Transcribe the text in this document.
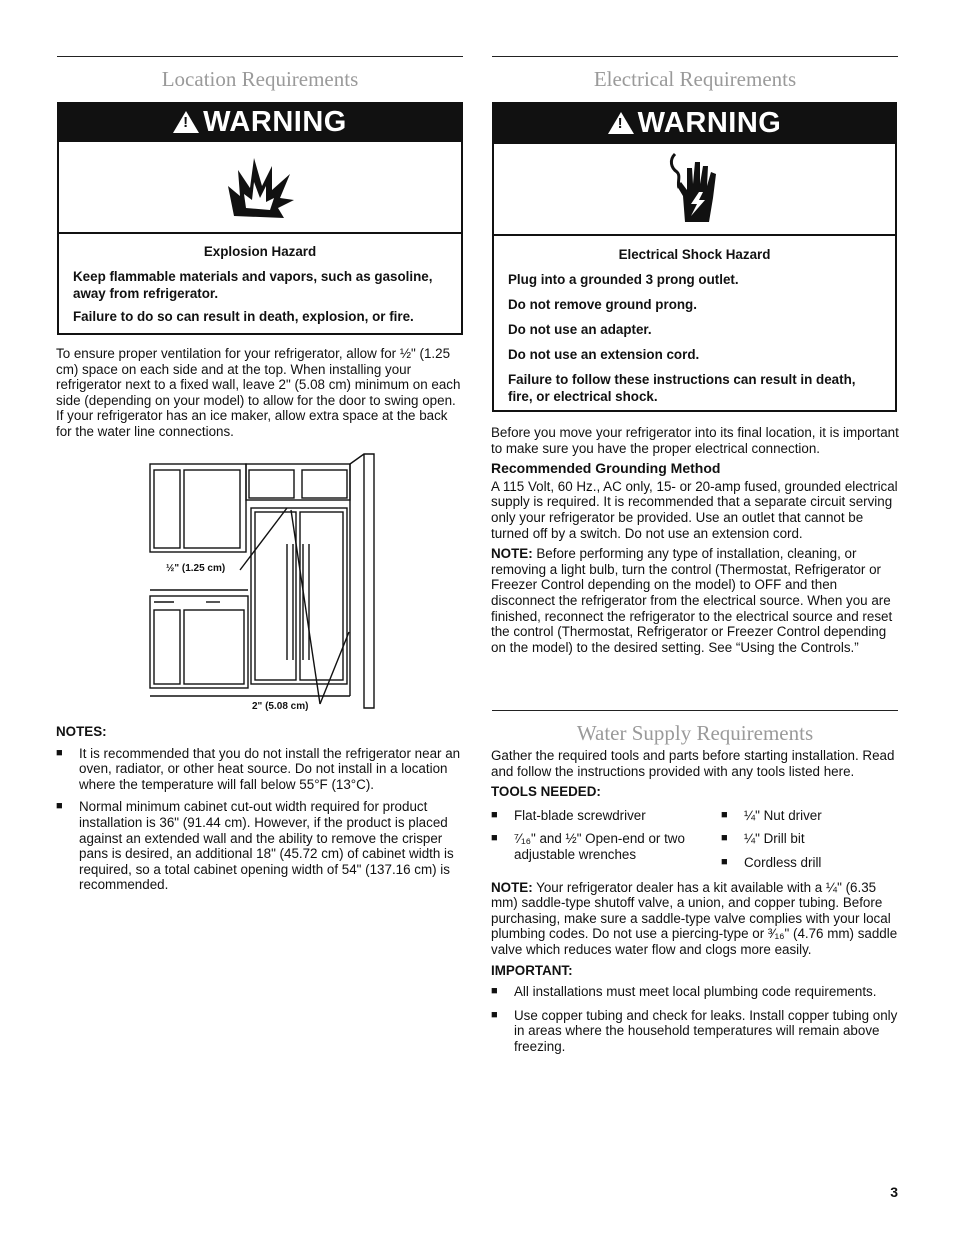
Location Requirements
! WARNING

Explosion Hazard

Keep flammable materials and vapors, such as gasoline, away from refrigerator.

Failure to do so can result in death, explosion, or fire.

To ensure proper ventilation for your refrigerator, allow for ½" (1.25 cm) space on each side and at the top. When installing your refrigerator next to a fixed wall, leave 2" (5.08 cm) minimum on each side (depending on your model) to allow for the door to swing open. If your refrigerator has an ice maker, allow extra space at the back for the water line connections.

½" (1.25 cm)
2" (5.08 cm)

NOTES:

■ It is recommended that you do not install the refrigerator near an oven, radiator, or other heat source. Do not install in a location where the temperature will fall below 55°F (13°C).

■ Normal minimum cabinet cut-out width required for product installation is 36" (91.44 cm). However, if the product is placed against an extended wall and the ability to remove the crisper pans is desired, an additional 18" (45.72 cm) of cabinet width is required, so a total cabinet opening width of 54" (137.16 cm) is recommended.

Electrical Requirements
! WARNING

Electrical Shock Hazard

Plug into a grounded 3 prong outlet.

Do not remove ground prong.

Do not use an adapter.

Do not use an extension cord.

Failure to follow these instructions can result in death, fire, or electrical shock.

Before you move your refrigerator into its final location, it is important to make sure you have the proper electrical connection.

Recommended Grounding Method

A 115 Volt, 60 Hz., AC only, 15- or 20-amp fused, grounded electrical supply is required. It is recommended that a separate circuit serving only your refrigerator be provided. Use an outlet that cannot be turned off by a switch. Do not use an extension cord.

NOTE: Before performing any type of installation, cleaning, or removing a light bulb, turn the control (Thermostat, Refrigerator or Freezer Control depending on the model) to OFF and then disconnect the refrigerator from the electrical source. When you are finished, reconnect the refrigerator to the electrical source and reset the control (Thermostat, Refrigerator or Freezer Control depending on the model) to the desired setting. See “Using the Controls.”

Water Supply Requirements

Gather the required tools and parts before starting installation. Read and follow the instructions provided with any tools listed here.

TOOLS NEEDED:

■ Flat-blade screwdriver

■ ⁷⁄₁₆" and ½" Open-end or two adjustable wrenches

■ ¼" Nut driver

■ ¼" Drill bit

■ Cordless drill

NOTE: Your refrigerator dealer has a kit available with a ¼" (6.35 mm) saddle-type shutoff valve, a union, and copper tubing. Before purchasing, make sure a saddle-type valve complies with your local plumbing codes. Do not use a piercing-type or ³⁄₁₆" (4.76 mm) saddle valve which reduces water flow and clogs more easily.

IMPORTANT:

■ All installations must meet local plumbing code requirements.

■ Use copper tubing and check for leaks. Install copper tubing only in areas where the household temperatures will remain above freezing.

3
